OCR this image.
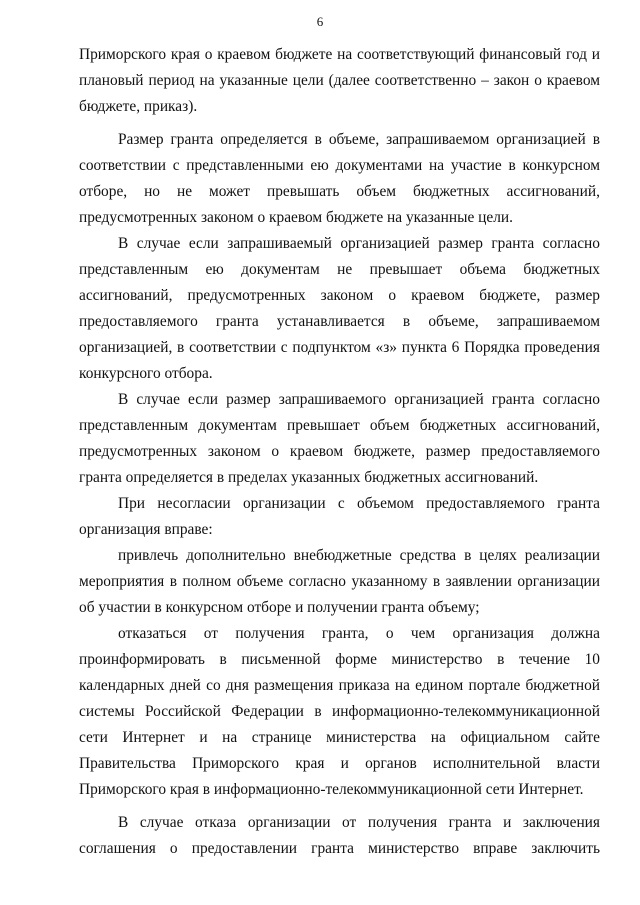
6
Приморского края о краевом бюджете на соответствующий финансовый год и
плановый период на указанные цели (далее соответственно – закон о краевом
бюджете, приказ).
Размер гранта определяется в объеме, запрашиваемом организацией в
соответствии с представленными ею документами на участие в конкурсном
отборе, но не может превышать объем бюджетных ассигнований,
предусмотренных законом о краевом бюджете на указанные цели.
В случае если запрашиваемый организацией размер гранта согласно
представленным ею документам не превышает объема бюджетных
ассигнований, предусмотренных законом о краевом бюджете, размер
предоставляемого гранта устанавливается в объеме, запрашиваемом
организацией, в соответствии с подпунктом «з» пункта 6 Порядка проведения
конкурсного отбора.
В случае если размер запрашиваемого организацией гранта согласно
представленным документам превышает объем бюджетных ассигнований,
предусмотренных законом о краевом бюджете, размер предоставляемого
гранта определяется в пределах указанных бюджетных ассигнований.
При несогласии организации с объемом предоставляемого гранта
организация вправе:
привлечь дополнительно внебюджетные средства в целях реализации
мероприятия в полном объеме согласно указанному в заявлении организации
об участии в конкурсном отборе и получении гранта объему;
отказаться от получения гранта, о чем организация должна
проинформировать в письменной форме министерство в течение 10
календарных дней со дня размещения приказа на едином портале бюджетной
системы Российской Федерации в информационно-телекоммуникационной
сети Интернет и на странице министерства на официальном сайте
Правительства Приморского края и органов исполнительной власти
Приморского края в информационно-телекоммуникационной сети Интернет.
В случае отказа организации от получения гранта и заключения
соглашения о предоставлении гранта министерство вправе заключить
